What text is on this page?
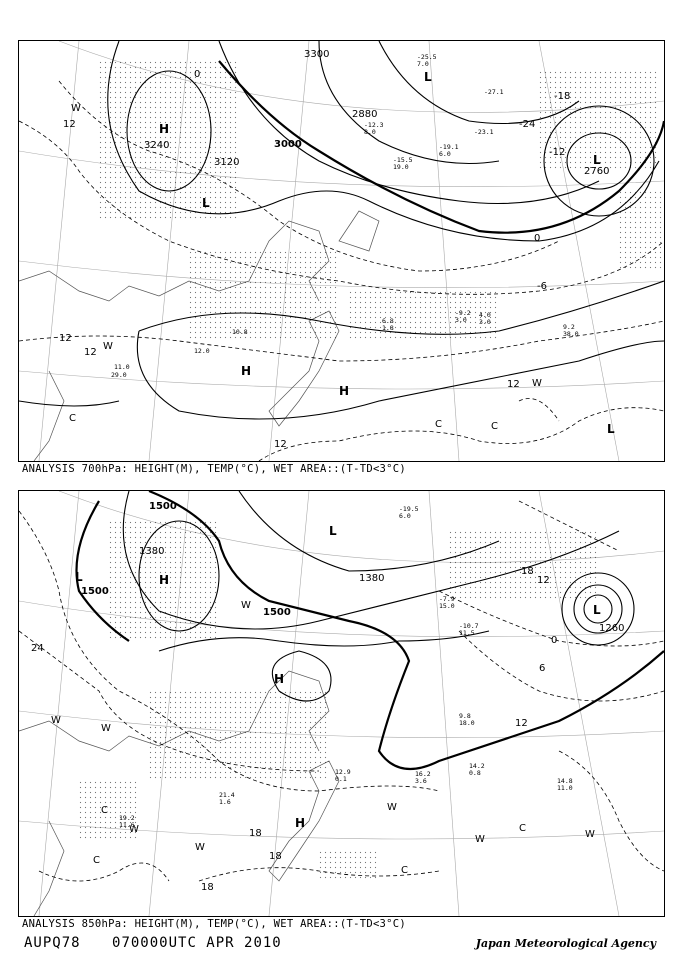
H
L
L
L
H
H
L
3000
3240
3120
2880
2760
3300
12
0
0
-6
-12
-18
-24
12
12
12
12
C
C	C
W
W
W
-9.2
3.0
10.8
12.0
11.0
29.0
9.2
38.0
4.0
3.0
-12.3
8.0
-19.1
6.0
6.8
1.8
-15.5
19.0
-23.1
-27.1
-25.5
7.0
ANALYSIS 700hPa: HEIGHT(M), TEMP(°C), WET AREA::(T-TD<3°C)
L	H
L
L
H
H
1500
1500
1500
1380
1260
1380
24
18
12
6
0
12
18
18
18
W
W
W
W
W
W	W
C
C
C
C
W
14.8
11.0
14.2
0.8
9.8
18.0
16.2
3.6
12.9
0.1
21.4
1.6
19.2
11.6
-7.9
15.0
-10.7
11.5
-19.5
6.0
ANALYSIS 850hPa: HEIGHT(M), TEMP(°C), WET AREA::(T-TD<3°C)
AUPQ78 070000UTC APR 2010	Japan Meteorological Agency
